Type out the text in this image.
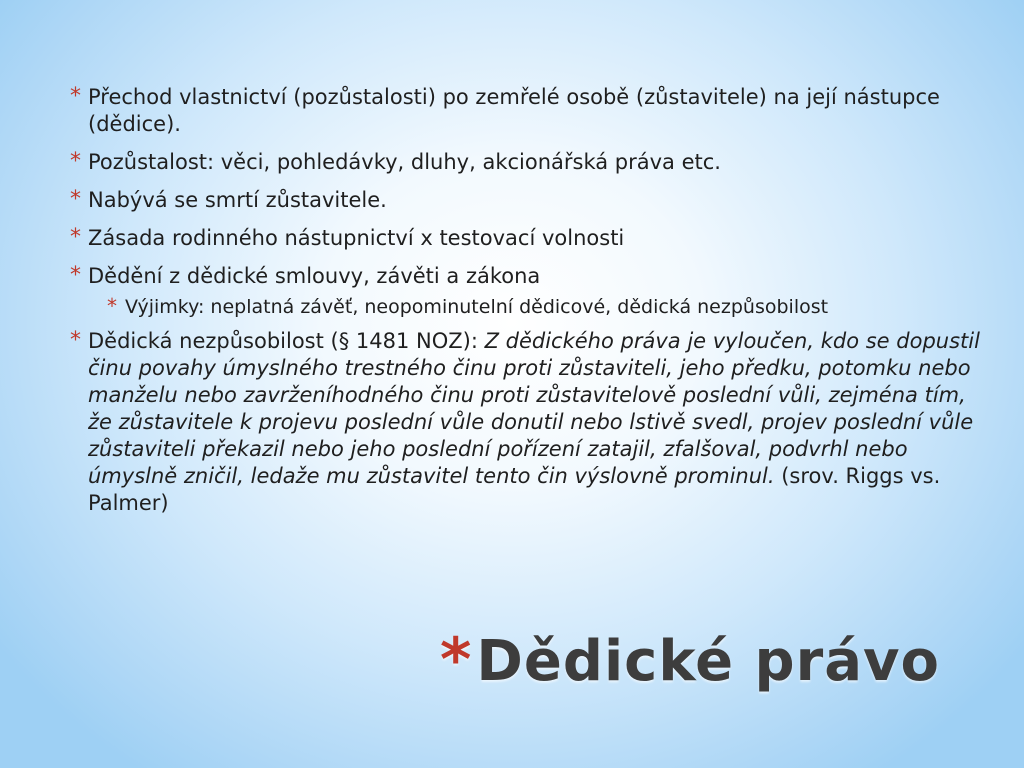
* Přechod vlastnictví (pozůstalosti) po zemřelé osobě (zůstavitele) na její nástupce (dědice).
* Pozůstalost: věci, pohledávky, dluhy, akcionářská práva etc.
* Nabývá se smrtí zůstavitele.
* Zásada rodinného nástupnictví x testovací volnosti
* Dědění z dědické smlouvy, závěti a zákona
* Výjimky: neplatná závěť, neopominutelní dědicové, dědická nezpůsobilost
* Dědická nezpůsobilost (§ 1481 NOZ): Z dědického práva je vyloučen, kdo se dopustil činu povahy úmyslného trestného činu proti zůstaviteli, jeho předku, potomku nebo manželu nebo zavrženíhodného činu proti zůstavitelově poslední vůli, zejména tím, že zůstavitele k projevu poslední vůle donutil nebo lstivě svedl, projev poslední vůle zůstaviteli překazil nebo jeho poslední pořízení zatajil, zfalšoval, podvrhl nebo úmyslně zničil, ledaže mu zůstavitel tento čin výslovně prominul. (srov. Riggs vs. Palmer)
*Dědické právo
